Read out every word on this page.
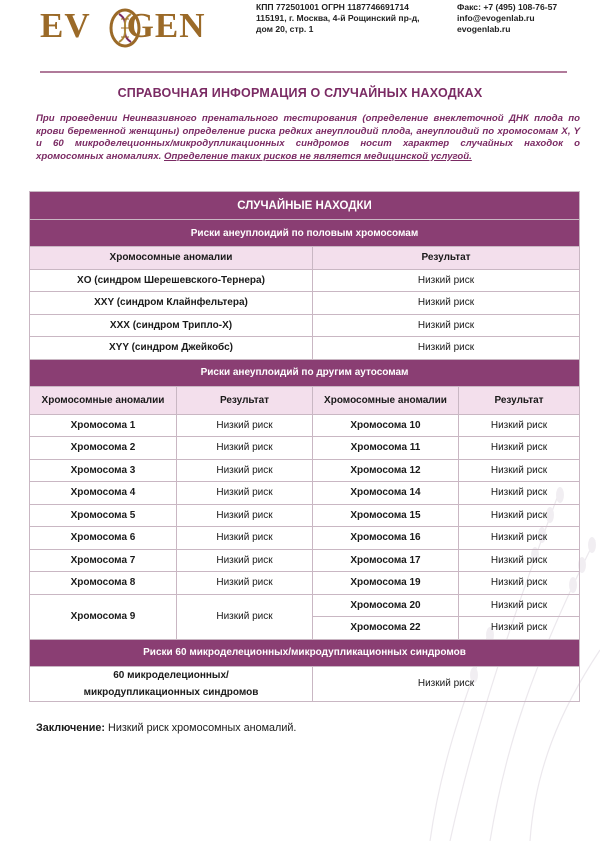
EV GEN	КПП 772501001 ОГРН 1187746691714
115191, г. Москва, 4-й Рощинский пр-д,
дом 20, стр. 1
Факс: +7 (495) 108-76-57
info@evogenlab.ru
evogenlab.ru
СПРАВОЧНАЯ ИНФОРМАЦИЯ О СЛУЧАЙНЫХ НАХОДКАХ
При проведении Неинвазивного пренатального тестирования (определение внеклеточной ДНК плода по крови беременной женщины) определение риска редких анеуплоидий плода, анеуплоидий по хромосомам X, Y и 60 микроделеционных/микродупликационных синдромов носит характер случайных находок о хромосомных аномалиях. Определение таких рисков не является медицинской услугой.
СЛУЧАЙНЫЕ НАХОДКИ			
Риски анеуплоидий по половым хромосомам			
Хромосомные аномалии		Результат	
XO (синдром Шерешевского-Тернера)		Низкий риск	
XXY (синдром Клайнфельтера)		Низкий риск	
XXX (синдром Трипло-X)		Низкий риск	
XYY (синдром Джейкобс)		Низкий риск	
Риски анеуплоидий по другим аутосомам			
Хромосомные аномалии	Результат	Хромосомные аномалии	Результат
Хромосома 1	Низкий риск	Хромосома 10	Низкий риск
Хромосома 2	Низкий риск	Хромосома 11	Низкий риск
Хромосома 3	Низкий риск	Хромосома 12	Низкий риск
Хромосома 4	Низкий риск	Хромосома 14	Низкий риск
Хромосома 5	Низкий риск	Хромосома 15	Низкий риск
Хромосома 6	Низкий риск	Хромосома 16	Низкий риск
Хромосома 7	Низкий риск	Хромосома 17	Низкий риск
Хромосома 8	Низкий риск	Хромосома 19	Низкий риск
Хромосома 9	Низкий риск	Хромосома 20	Низкий риск
		Хромосома 22	Низкий риск
Риски 60 микроделеционных/микродупликационных синдромов			

60 микроделеционных/
микродупликационных синдромов		Низкий риск	
Заключение: Низкий риск хромосомных аномалий.
